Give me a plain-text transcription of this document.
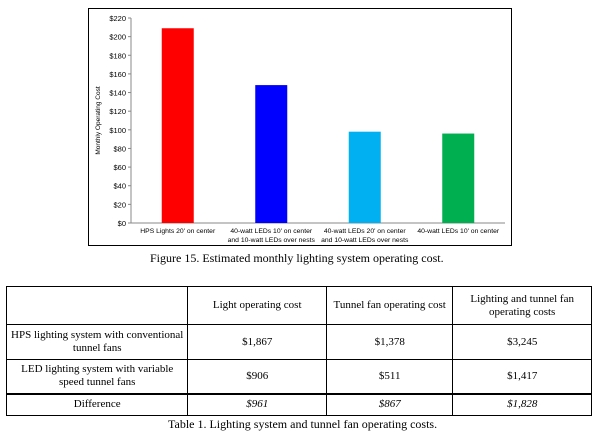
$0
$20
$40
$60
$80
$100
$120
$140
$160
$180
$200
$220
Monthly Operating Cost
HPS Lights 20' on center 40-watt LEDs 10' on center
and 10-watt LEDs over nests
40-watt LEDs 20' on center
and 10-watt LEDs over nests
40-watt LEDs 10' on center
Figure 15. Estimated monthly lighting system operating cost.
	Light operating cost	Tunnel fan operating cost	Lighting and tunnel fan operating costs
HPS lighting system with conventional tunnel fans	$1,867	$1,378	$3,245
LED lighting system with variable speed tunnel fans	$906	$511	$1,417
Difference	$961	$867	$1,828
Table 1. Lighting system and tunnel fan operating costs.
